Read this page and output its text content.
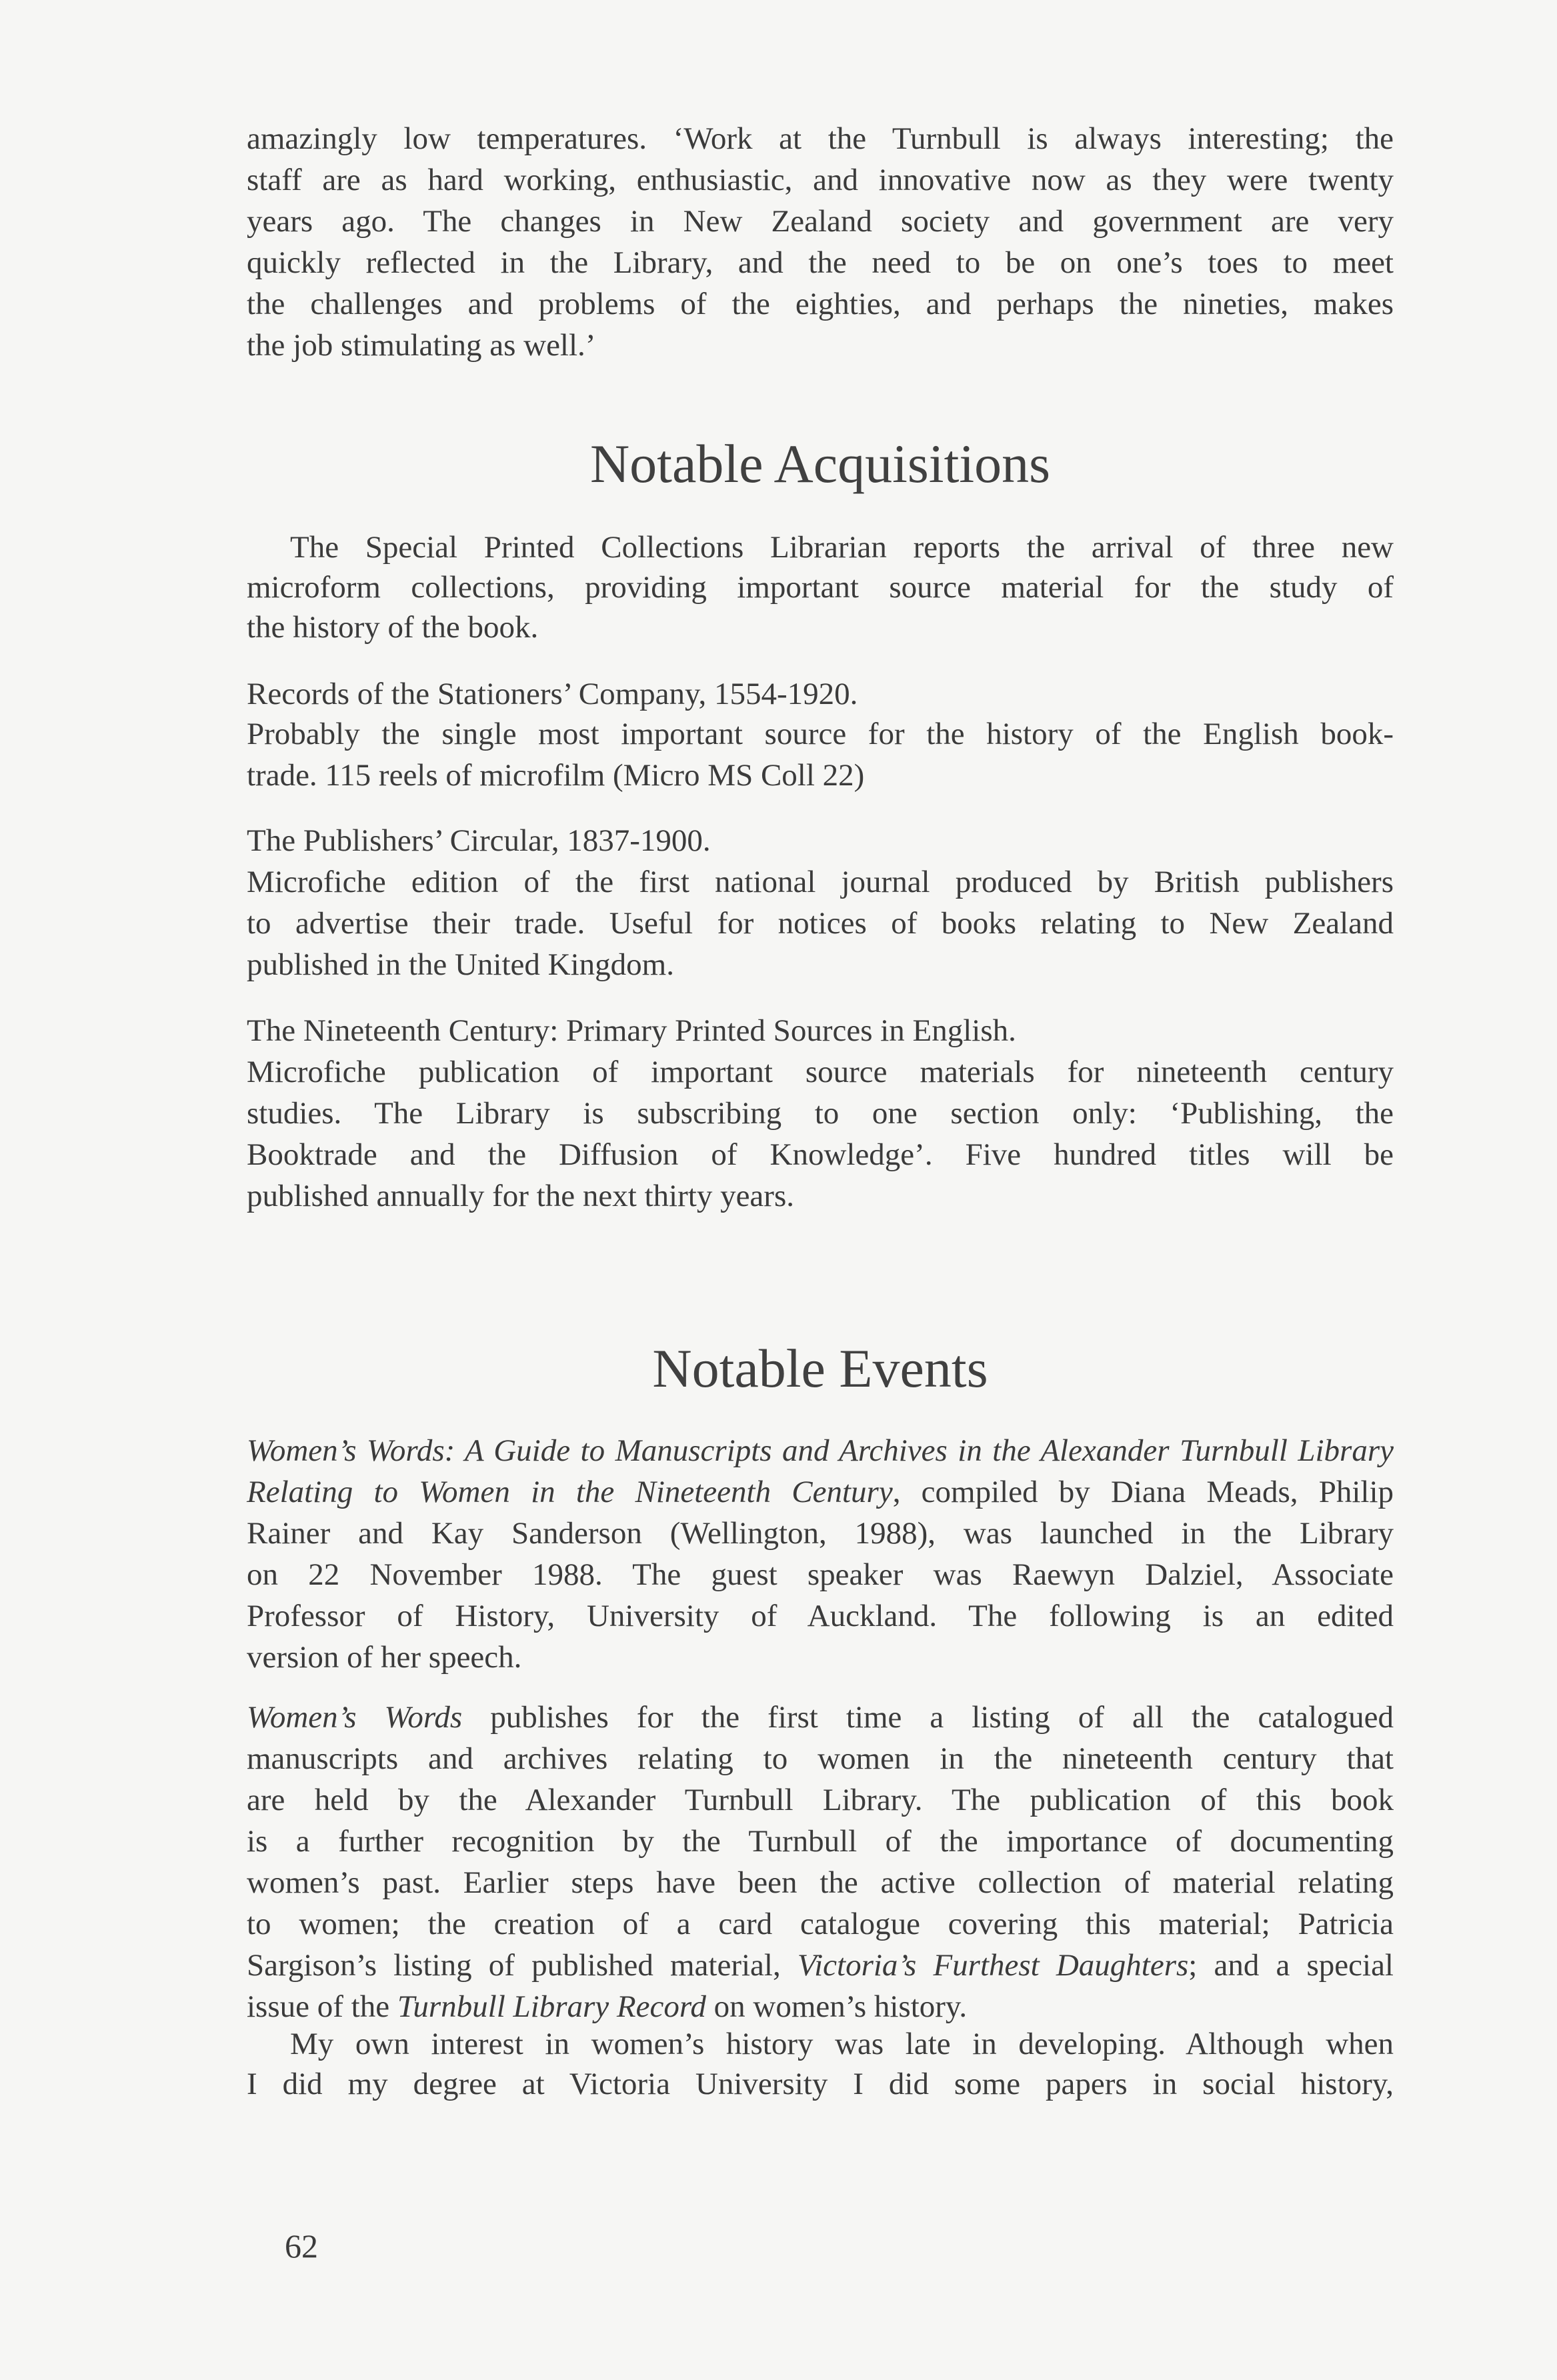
amazingly low temperatures. ‘Work at the Turnbull is always interesting; the
staff are as hard working, enthusiastic, and innovative now as they were twenty
years ago. The changes in New Zealand society and government are very
quickly reflected in the Library, and the need to be on one’s toes to meet
the challenges and problems of the eighties, and perhaps the nineties, makes
the job stimulating as well.’
Notable Acquisitions
The Special Printed Collections Librarian reports the arrival of three new
microform collections, providing important source material for the study of
the history of the book.
Records of the Stationers’ Company, 1554-1920.
Probably the single most important source for the history of the English book-
trade. 115 reels of microfilm (Micro MS Coll 22)
The Publishers’ Circular, 1837-1900.
Microfiche edition of the first national journal produced by British publishers
to advertise their trade. Useful for notices of books relating to New Zealand
published in the United Kingdom.
The Nineteenth Century: Primary Printed Sources in English.
Microfiche publication of important source materials for nineteenth century
studies. The Library is subscribing to one section only: ‘Publishing, the
Booktrade and the Diffusion of Knowledge’. Five hundred titles will be
published annually for the next thirty years.
Notable Events
Women’s Words: A Guide to Manuscripts and Archives in the Alexander Turnbull Library
Relating to Women in the Nineteenth Century, compiled by Diana Meads, Philip
Rainer and Kay Sanderson (Wellington, 1988), was launched in the Library
on 22 November 1988. The guest speaker was Raewyn Dalziel, Associate
Professor of History, University of Auckland. The following is an edited
version of her speech.
Women’s Words publishes for the first time a listing of all the catalogued
manuscripts and archives relating to women in the nineteenth century that
are held by the Alexander Turnbull Library. The publication of this book
is a further recognition by the Turnbull of the importance of documenting
women’s past. Earlier steps have been the active collection of material relating
to women; the creation of a card catalogue covering this material; Patricia
Sargison’s listing of published material, Victoria’s Furthest Daughters; and a special
issue of the Turnbull Library Record on women’s history.
My own interest in women’s history was late in developing. Although when
I did my degree at Victoria University I did some papers in social history,
62
